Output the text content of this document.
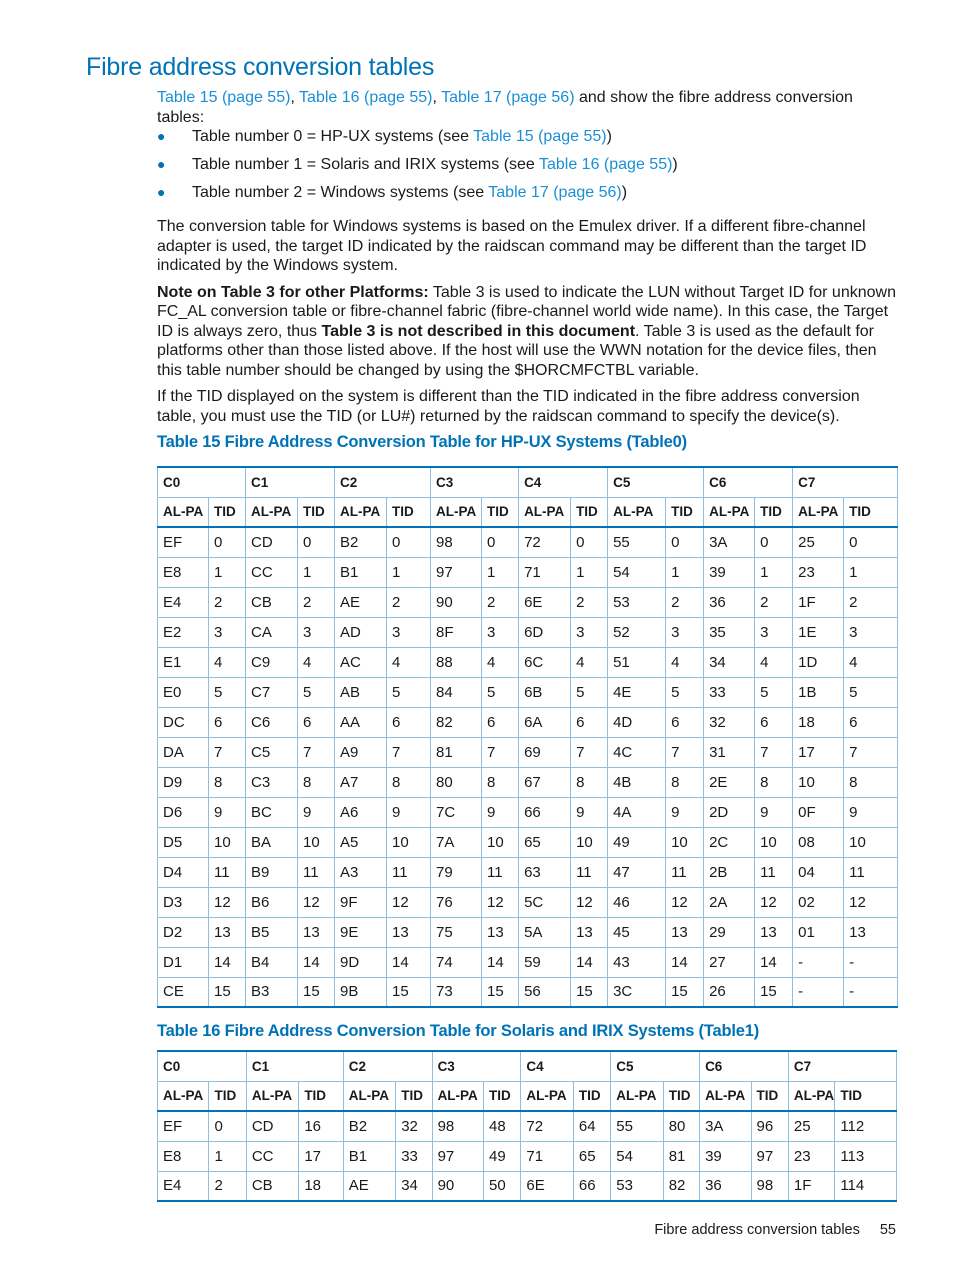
Fibre address conversion tables

Table 15 (page 55), Table 16 (page 55), Table 17 (page 56) and show the fibre address conversion tables:

● Table number 0 = HP-UX systems (see Table 15 (page 55))
● Table number 1 = Solaris and IRIX systems (see Table 16 (page 55))
● Table number 2 = Windows systems (see Table 17 (page 56))

The conversion table for Windows systems is based on the Emulex driver. If a different fibre-channel adapter is used, the target ID indicated by the raidscan command may be different than the target ID indicated by the Windows system.

Note on Table 3 for other Platforms: Table 3 is used to indicate the LUN without Target ID for unknown FC_AL conversion table or fibre-channel fabric (fibre-channel world wide name). In this case, the Target ID is always zero, thus Table 3 is not described in this document. Table 3 is used as the default for platforms other than those listed above. If the host will use the WWN notation for the device files, then this table number should be changed by using the $HORCMFCTBL variable.

If the TID displayed on the system is different than the TID indicated in the fibre address conversion table, you must use the TID (or LU#) returned by the raidscan command to specify the device(s).

Table 15 Fibre Address Conversion Table for HP-UX Systems (Table0)

C0		C1		C2		C3		C4		C5		C6		C7	
AL-PA	TID	AL-PA	TID	AL-PA	TID	AL-PA	TID	AL-PA	TID	AL-PA	TID	AL-PA	TID	AL-PA	TID
EF	0	CD	0	B2	0	98	0	72	0	55	0	3A	0	25	0
E8	1	CC	1	B1	1	97	1	71	1	54	1	39	1	23	1
E4	2	CB	2	AE	2	90	2	6E	2	53	2	36	2	1F	2
E2	3	CA	3	AD	3	8F	3	6D	3	52	3	35	3	1E	3
E1	4	C9	4	AC	4	88	4	6C	4	51	4	34	4	1D	4
E0	5	C7	5	AB	5	84	5	6B	5	4E	5	33	5	1B	5
DC	6	C6	6	AA	6	82	6	6A	6	4D	6	32	6	18	6
DA	7	C5	7	A9	7	81	7	69	7	4C	7	31	7	17	7
D9	8	C3	8	A7	8	80	8	67	8	4B	8	2E	8	10	8
D6	9	BC	9	A6	9	7C	9	66	9	4A	9	2D	9	0F	9
D5	10	BA	10	A5	10	7A	10	65	10	49	10	2C	10	08	10
D4	11	B9	11	A3	11	79	11	63	11	47	11	2B	11	04	11
D3	12	B6	12	9F	12	76	12	5C	12	46	12	2A	12	02	12
D2	13	B5	13	9E	13	75	13	5A	13	45	13	29	13	01	13
D1	14	B4	14	9D	14	74	14	59	14	43	14	27	14	-	-
CE	15	B3	15	9B	15	73	15	56	15	3C	15	26	15	-	-

Table 16 Fibre Address Conversion Table for Solaris and IRIX Systems (Table1)

C0		C1		C2		C3		C4		C5		C6		C7	
AL-PA	TID	AL-PA	TID	AL-PA	TID	AL-PA	TID	AL-PA	TID	AL-PA	TID	AL-PA	TID	AL-PA	TID
EF	0	CD	16	B2	32	98	48	72	64	55	80	3A	96	25	112
E8	1	CC	17	B1	33	97	49	71	65	54	81	39	97	23	113
E4	2	CB	18	AE	34	90	50	6E	66	53	82	36	98	1F	114
Fibre address conversion tables 55
